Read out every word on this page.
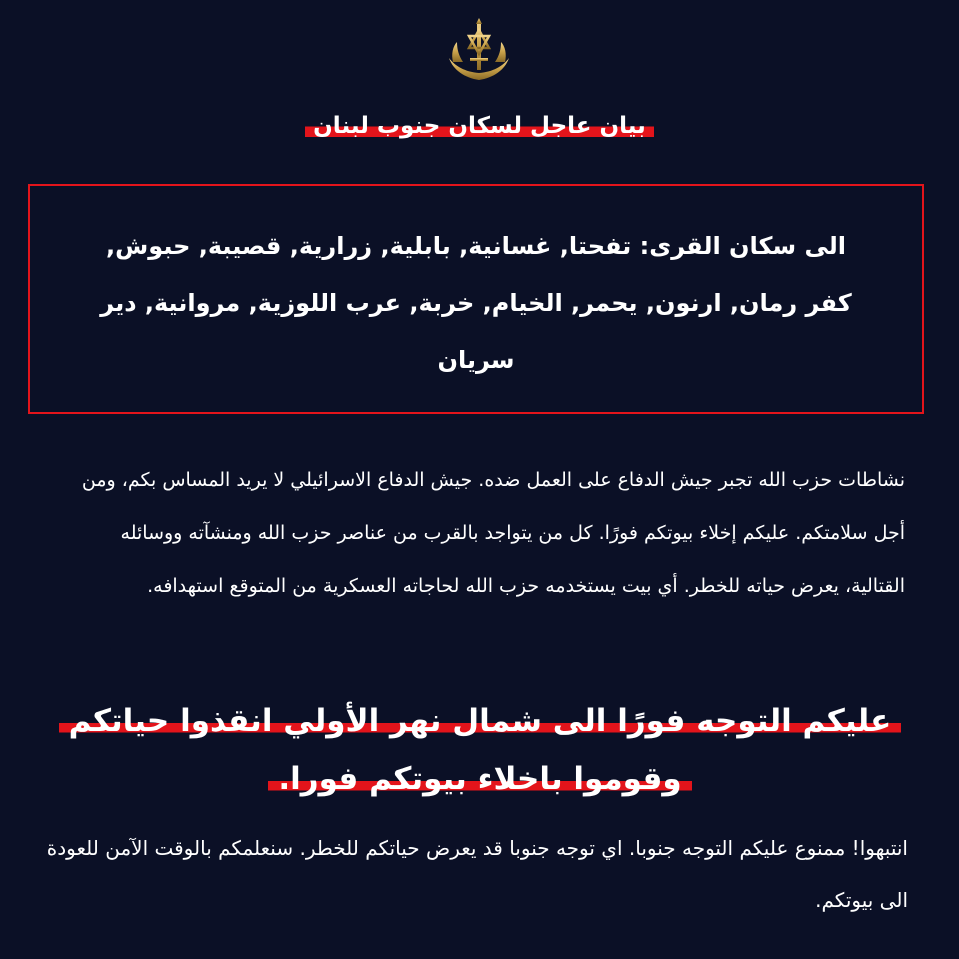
بيان عاجل لسكان جنوب لبنان
الى سكان القرى: تفحتا, غسانية, بابلية, زرارية, قصيبة, حبوش, كفر رمان, ارنون, يحمر, الخيام, خربة, عرب اللوزية, مروانية, دير سريان
نشاطات حزب الله تجبر جيش الدفاع على العمل ضده. جيش الدفاع الاسرائيلي لا يريد المساس بكم، ومن أجل سلامتكم. عليكم إخلاء بيوتكم فورًا. كل من يتواجد بالقرب من عناصر حزب الله ومنشآته ووسائله القتالية، يعرض حياته للخطر. أي بيت يستخدمه حزب الله لحاجاته العسكرية من المتوقع استهدافه.
عليكم التوجه فورًا الى شمال نهر الأولي انقذوا حياتكم
وقوموا باخلاء بيوتكم فورا.
انتبهوا! ممنوع عليكم التوجه جنوبا. اي توجه جنوبا قد يعرض حياتكم للخطر. سنعلمكم بالوقت الآمن للعودة الى بيوتكم.
